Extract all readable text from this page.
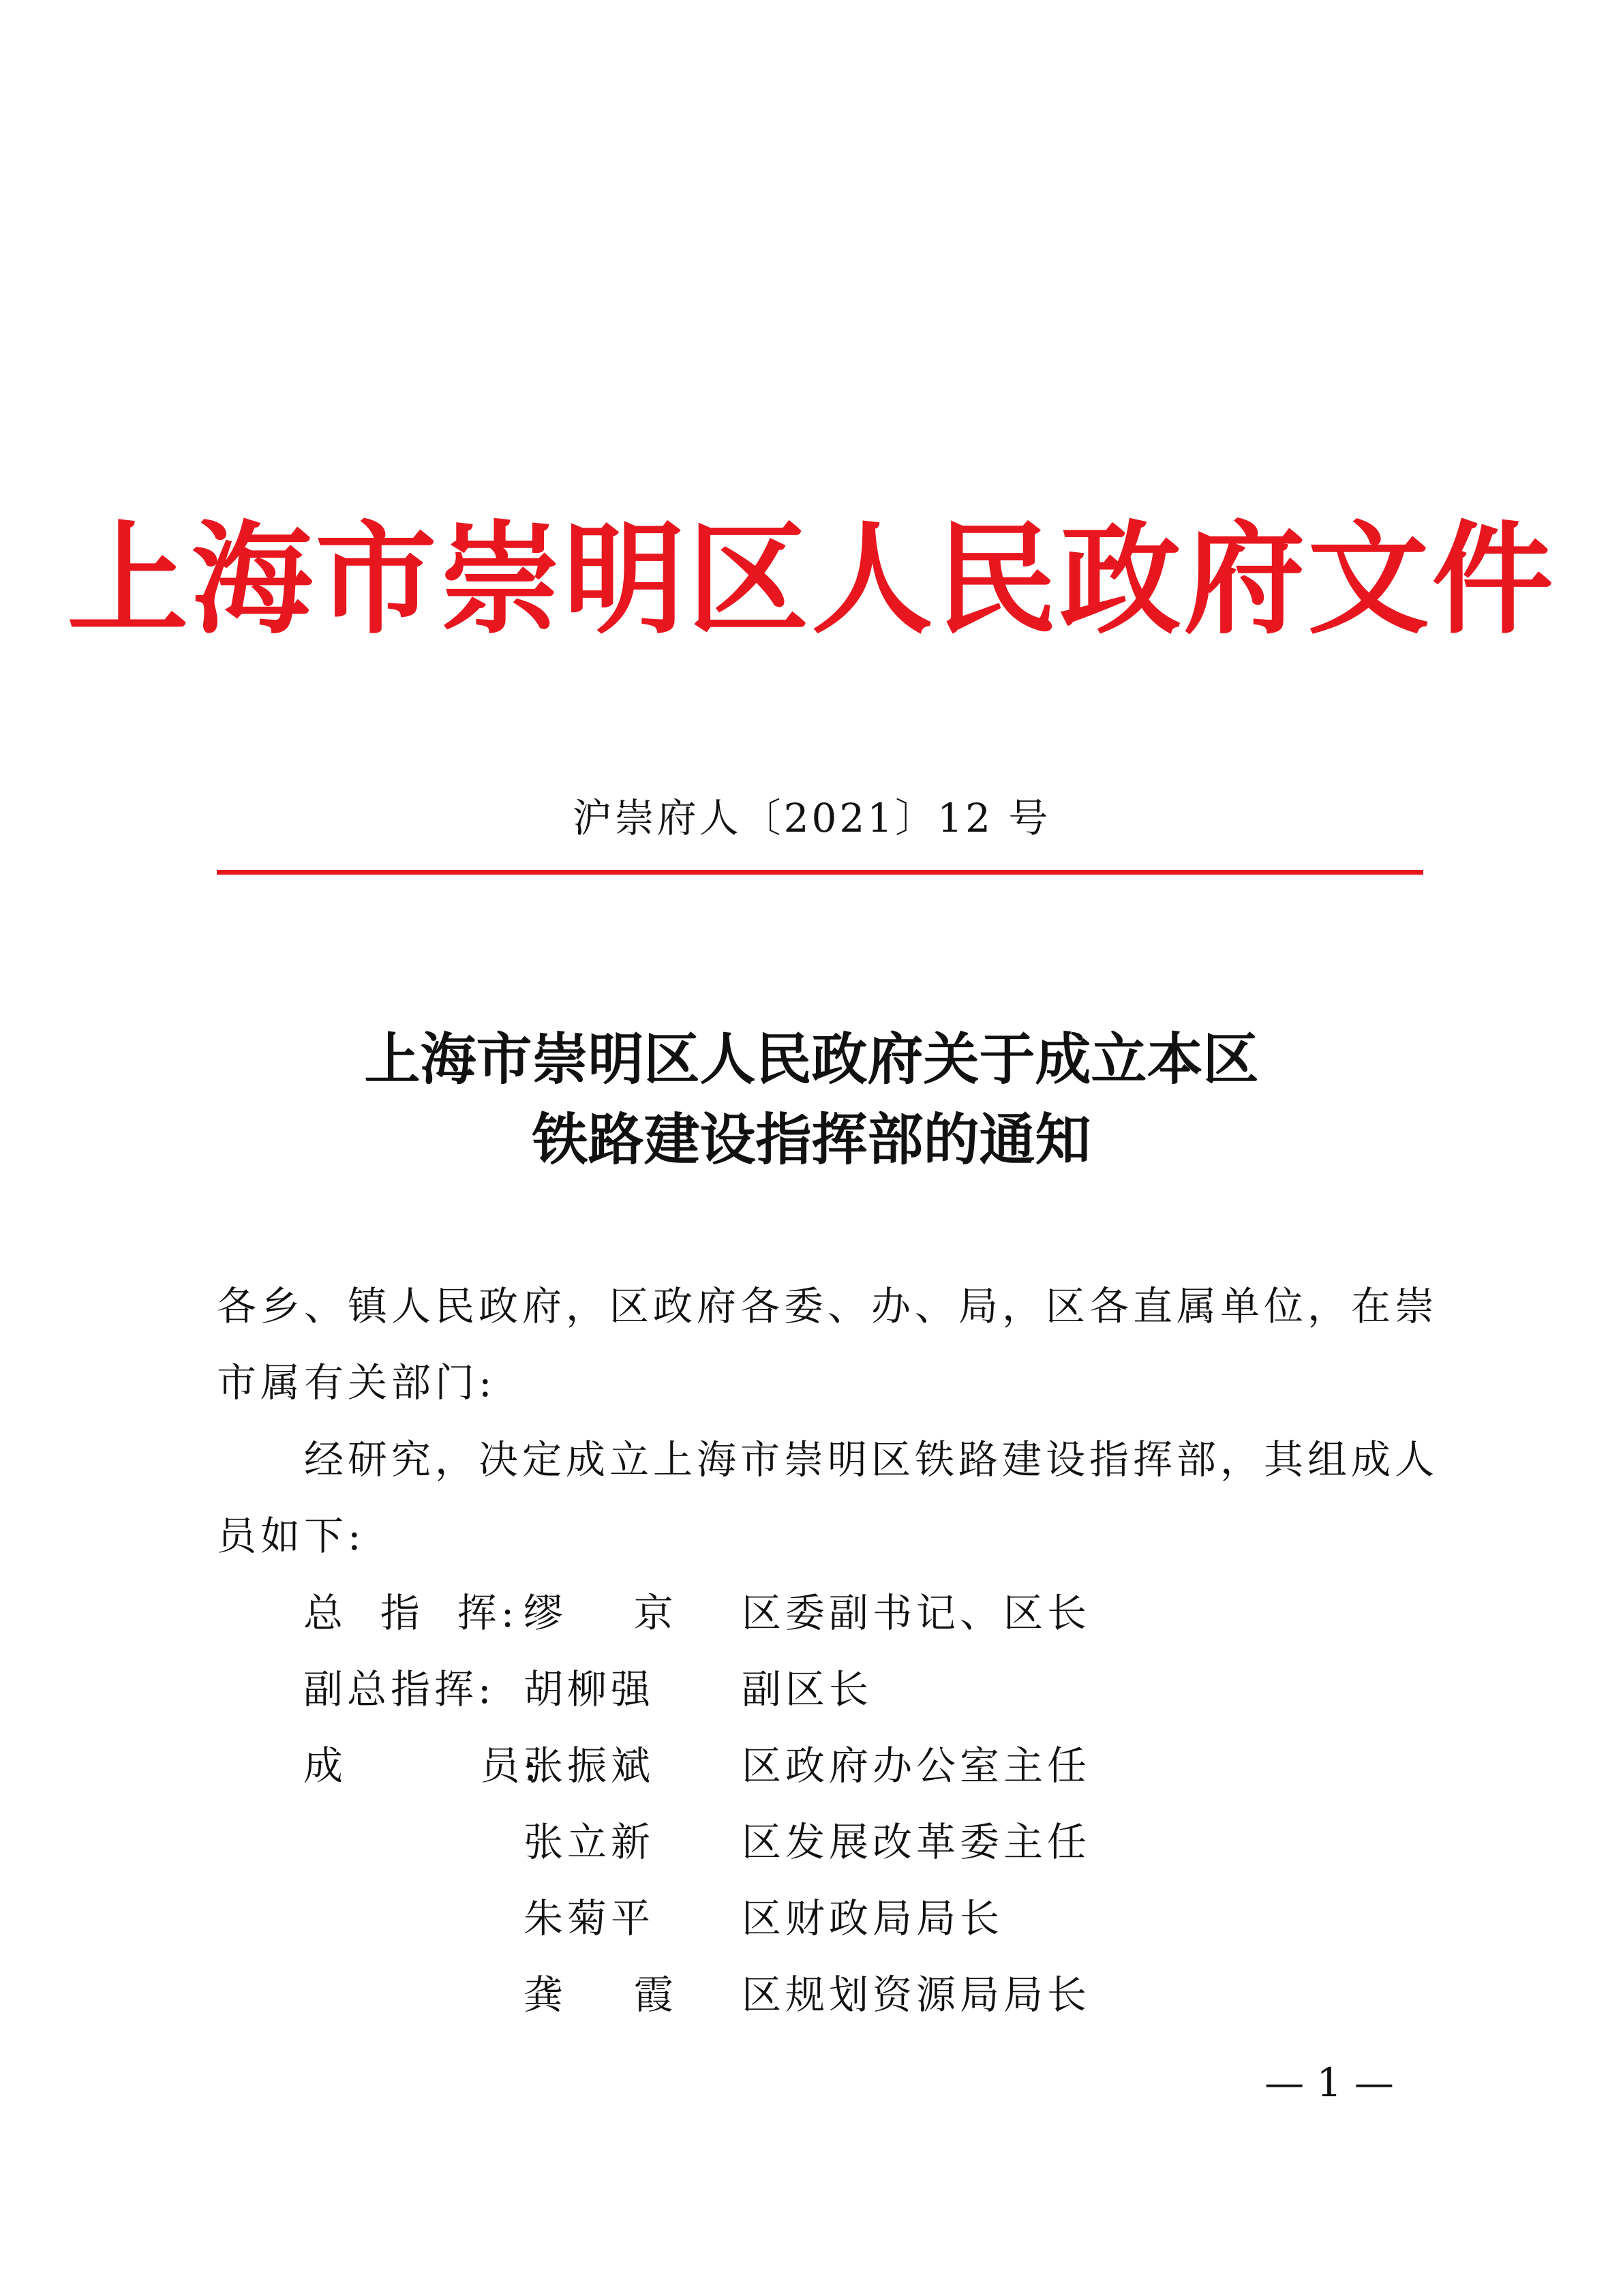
上海市崇明区人民政府文件
沪崇府人〔2021〕12 号
上海市崇明区人民政府关于成立本区
铁路建设指挥部的通知
各乡、镇人民政府，区政府各委、办、局，区各直属单位，在崇
市属有关部门:
经研究，决定成立上海市崇明区铁路建设指挥部，其组成人
员如下:
总  指  挥: 缪    京	区委副书记、区长
副总指挥: 胡柳强	副区长
成        员:
张振斌	区政府办公室主任
张立新	区发展改革委主任
朱菊平	区财政局局长
龚    霞	区规划资源局局长
— 1 —
